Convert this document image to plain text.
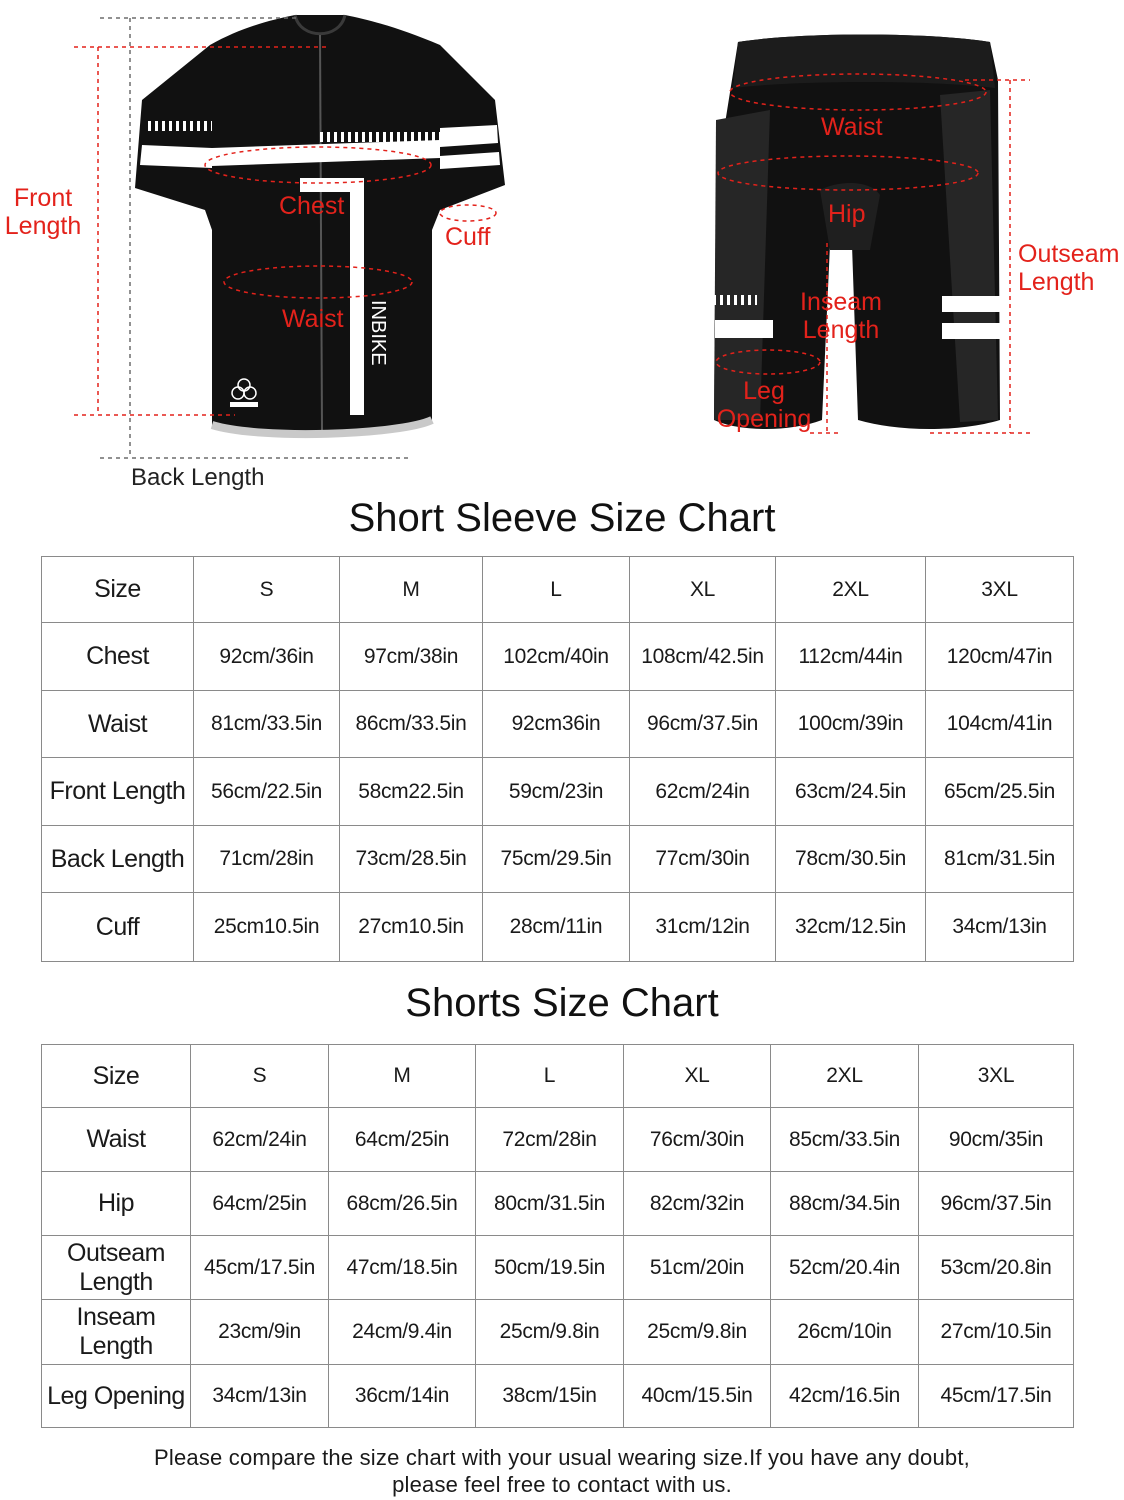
INBIKE
Front Length
Chest
Cuff
Waist
Back Length
Waist
Hip
Outseam Length
Inseam Length
Leg Opening
Short Sleeve Size Chart
Size	S	M	L	XL	2XL	3XL
Chest	92cm/36in	97cm/38in	102cm/40in	108cm/42.5in	112cm/44in	120cm/47in
Waist	81cm/33.5in	86cm/33.5in	92cm36in	96cm/37.5in	100cm/39in	104cm/41in
Front Length	56cm/22.5in	58cm22.5in	59cm/23in	62cm/24in	63cm/24.5in	65cm/25.5in
Back Length	71cm/28in	73cm/28.5in	75cm/29.5in	77cm/30in	78cm/30.5in	81cm/31.5in
Cuff	25cm10.5in	27cm10.5in	28cm/11in	31cm/12in	32cm/12.5in	34cm/13in
Shorts Size Chart
Size	S	M	L	XL	2XL	3XL
Waist	62cm/24in	64cm/25in	72cm/28in	76cm/30in	85cm/33.5in	90cm/35in
Hip	64cm/25in	68cm/26.5in	80cm/31.5in	82cm/32in	88cm/34.5in	96cm/37.5in
Outseam Length	45cm/17.5in	47cm/18.5in	50cm/19.5in	51cm/20in	52cm/20.4in	53cm/20.8in
Inseam Length	23cm/9in	24cm/9.4in	25cm/9.8in	25cm/9.8in	26cm/10in	27cm/10.5in
Leg Opening	34cm/13in	36cm/14in	38cm/15in	40cm/15.5in	42cm/16.5in	45cm/17.5in
Please compare the size chart with your usual wearing size.If you have any doubt,
please feel free to contact with us.
